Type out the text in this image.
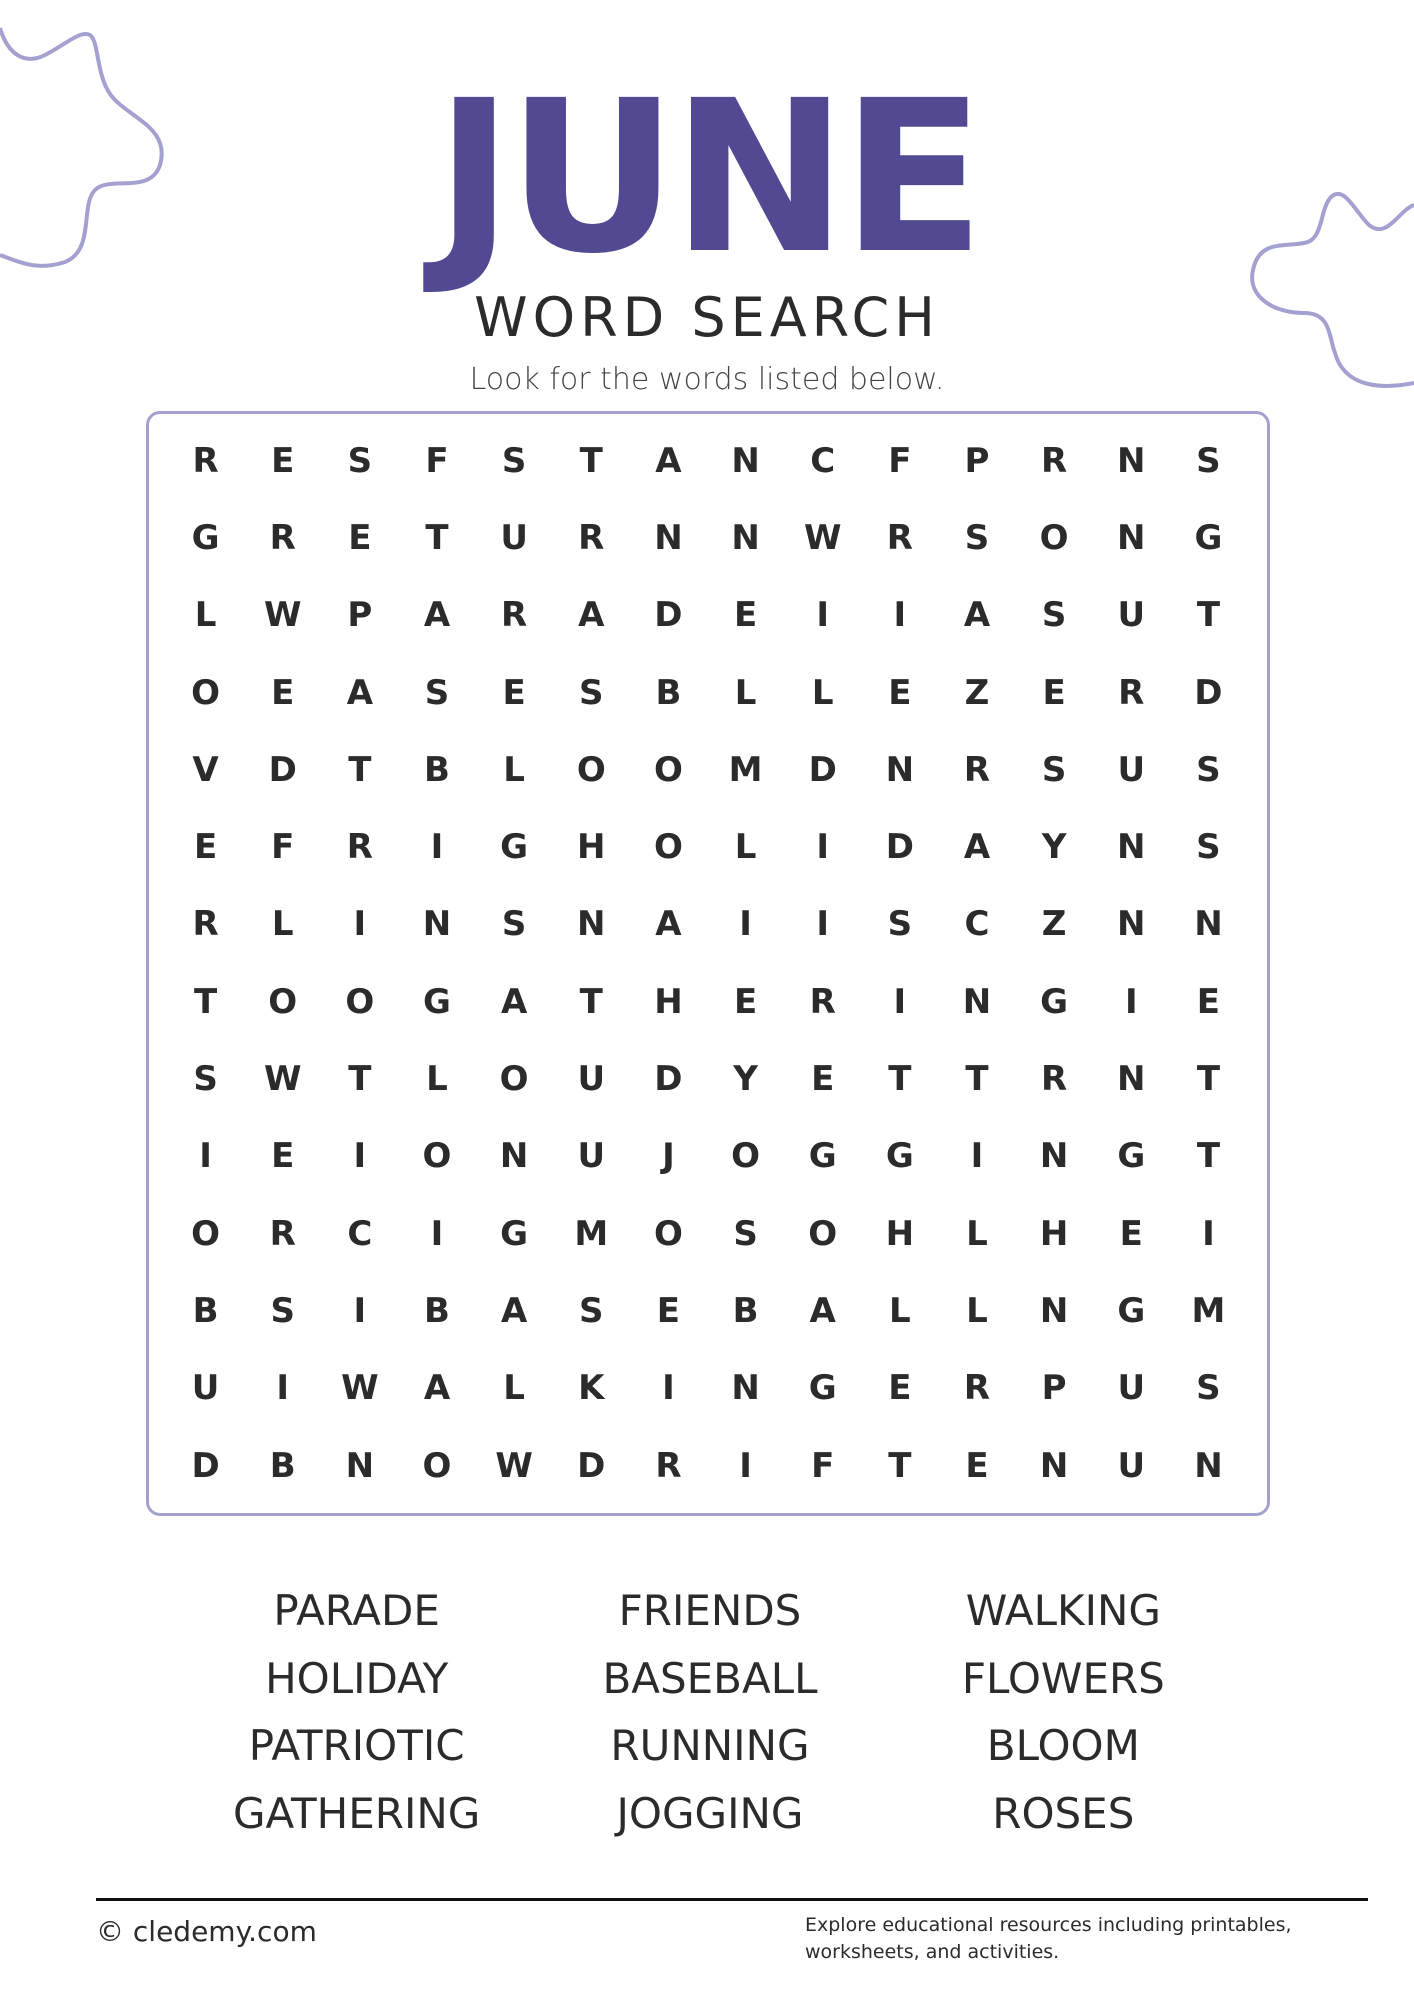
JUNE
WORD SEARCH
Look for the words listed below.
R	E	S	F	S	T	A	N	C	F	P	R	N	S
G	R	E	T	U	R	N	N	W	R	S	O	N	G
L	W	P	A	R	A	D	E	I	I	A	S	U	T
O	E	A	S	E	S	B	L	L	E	Z	E	R	D
V	D	T	B	L	O	O	M	D	N	R	S	U	S
E	F	R	I	G	H	O	L	I	D	A	Y	N	S
R	L	I	N	S	N	A	I	I	S	C	Z	N	N
T	O	O	G	A	T	H	E	R	I	N	G	I	E
S	W	T	L	O	U	D	Y	E	T	T	R	N	T
I	E	I	O	N	U	J	O	G	G	I	N	G	T
O	R	C	I	G	M	O	S	O	H	L	H	E	I
B	S	I	B	A	S	E	B	A	L	L	N	G	M
U	I	W	A	L	K	I	N	G	E	R	P	U	S
D	B	N	O	W	D	R	I	F	T	E	N	U	N
PARADE
HOLIDAY
PATRIOTIC
GATHERING
FRIENDS
BASEBALL
RUNNING
JOGGING
WALKING
FLOWERS
BLOOM
ROSES
© cledemy.com	Explore educational resources including printables, worksheets, and activities.
